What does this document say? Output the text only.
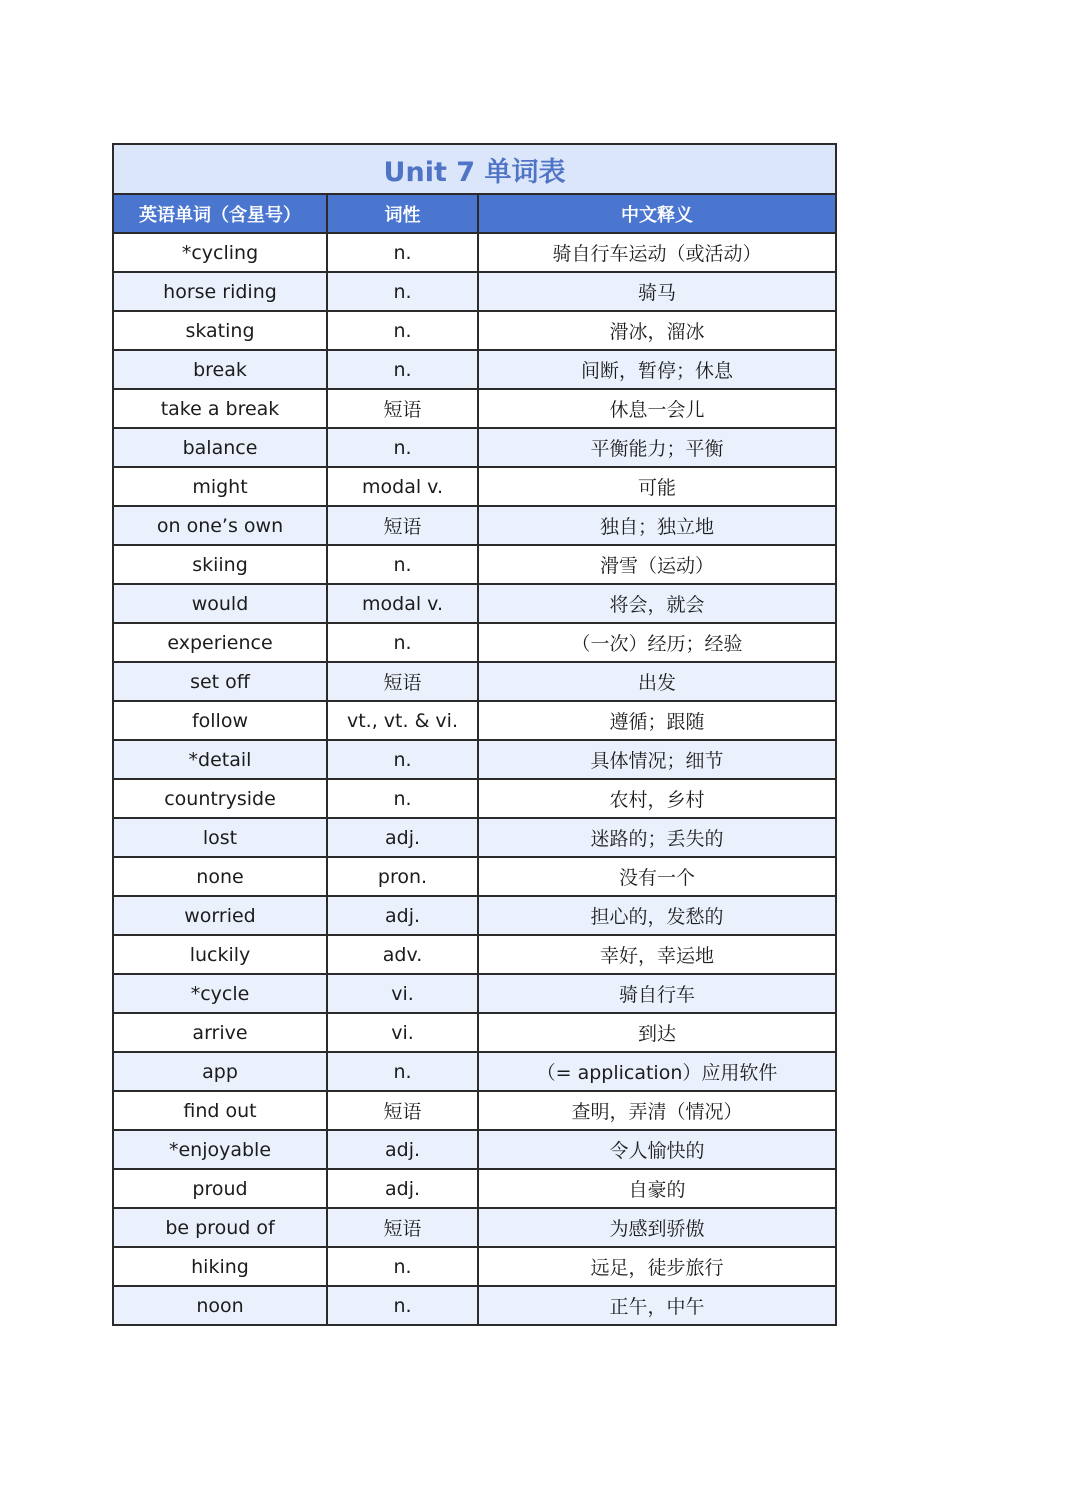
Unit 7 单词表		
英语单词（含星号）	词性	中文释义
*cycling	n.	骑自行车运动（或活动）
horse riding	n.	骑马
skating	n.	滑冰，溜冰
break	n.	间断，暂停；休息
take a break	短语	休息一会儿
balance	n.	平衡能力；平衡
might	modal v.	可能
on one’s own	短语	独自；独立地
skiing	n.	滑雪（运动）
would	modal v.	将会，就会
experience	n.	（一次）经历；经验
set off	短语	出发
follow	vt., vt. & vi.	遵循；跟随
*detail	n.	具体情况；细节
countryside	n.	农村，乡村
lost	adj.	迷路的；丢失的
none	pron.	没有一个
worried	adj.	担心的，发愁的
luckily	adv.	幸好，幸运地
*cycle	vi.	骑自行车
arrive	vi.	到达
app	n.	（= application）应用软件
find out	短语	查明，弄清（情况）
*enjoyable	adj.	令人愉快的
proud	adj.	自豪的
be proud of	短语	为感到骄傲
hiking	n.	远足，徒步旅行
noon	n.	正午，中午
